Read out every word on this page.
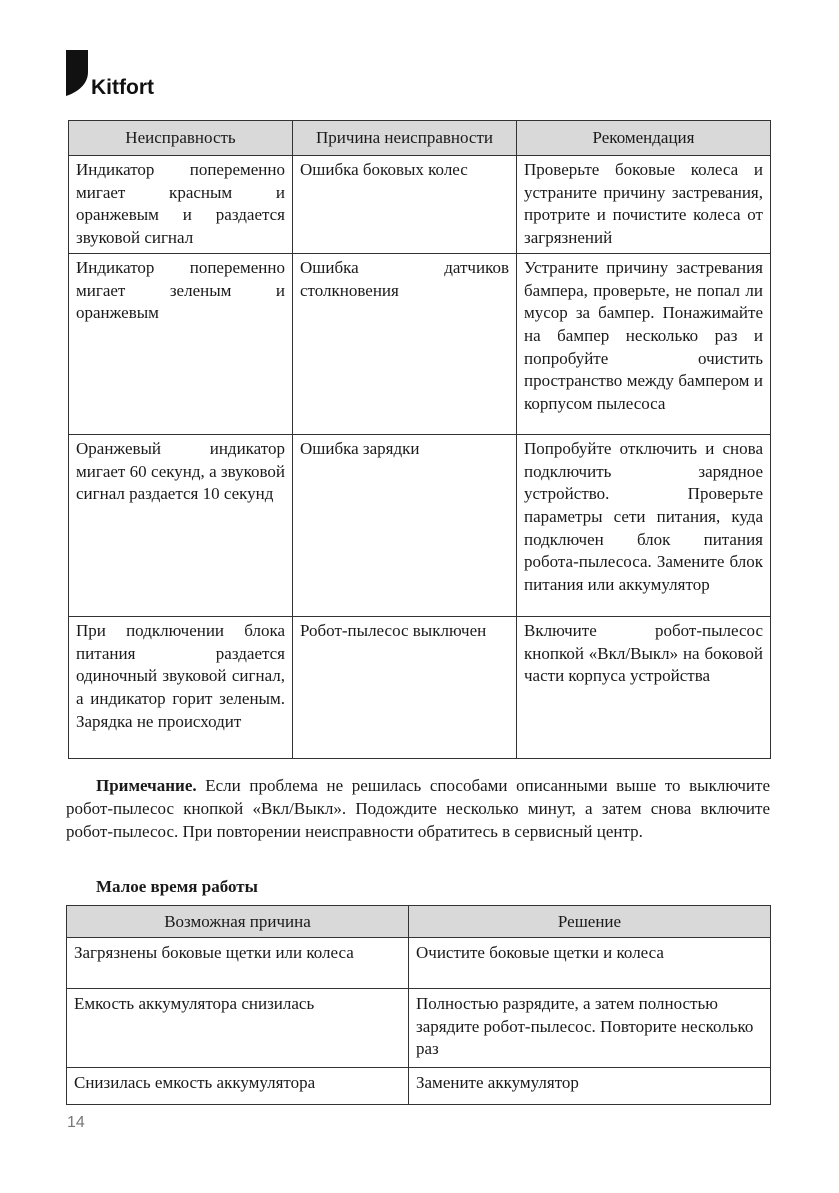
Kitfort
Неисправность	Причина неисправности	Рекомендация
Индикатор попеременно мигает красным и оранжевым и раздается звуковой сигнал	Ошибка боковых колес	Проверьте боковые колеса и устраните причину застревания, протрите и почистите колеса от загрязнений
Индикатор попеременно мигает зеленым и оранжевым	Ошибка датчиков столкновения	Устраните причину застревания бампера, проверьте, не попал ли мусор за бампер. Понажимайте на бампер несколько раз и попробуйте очистить пространство между бампером и корпусом пылесоса
Оранжевый индикатор мигает 60 секунд, а звуковой сигнал раздается 10 секунд	Ошибка зарядки	Попробуйте отключить и снова подключить зарядное устройство. Проверьте параметры сети питания, куда подключен блок питания робота-пылесоса. Замените блок питания или аккумулятор
При подключении блока питания раздается одиночный звуковой сигнал, а индикатор горит зеленым. Зарядка не происходит	Робот-пылесос выключен	Включите робот-пылесос кнопкой «Вкл/Выкл» на боковой части корпуса устройства

Примечание. Если проблема не решилась способами описанными выше то выключите робот-пылесос кнопкой «Вкл/Выкл». Подождите несколько минут, а затем снова включите робот-пылесос. При повторении неисправности обратитесь в сервисный центр.

Малое время работы
Возможная причина	Решение
Загрязнены боковые щетки или колеса	Очистите боковые щетки и колеса
Емкость аккумулятора снизилась	Полностью разрядите, а затем полностью зарядите робот-пылесос. Повторите несколько раз
Снизилась емкость аккумулятора	Замените аккумулятор
14
